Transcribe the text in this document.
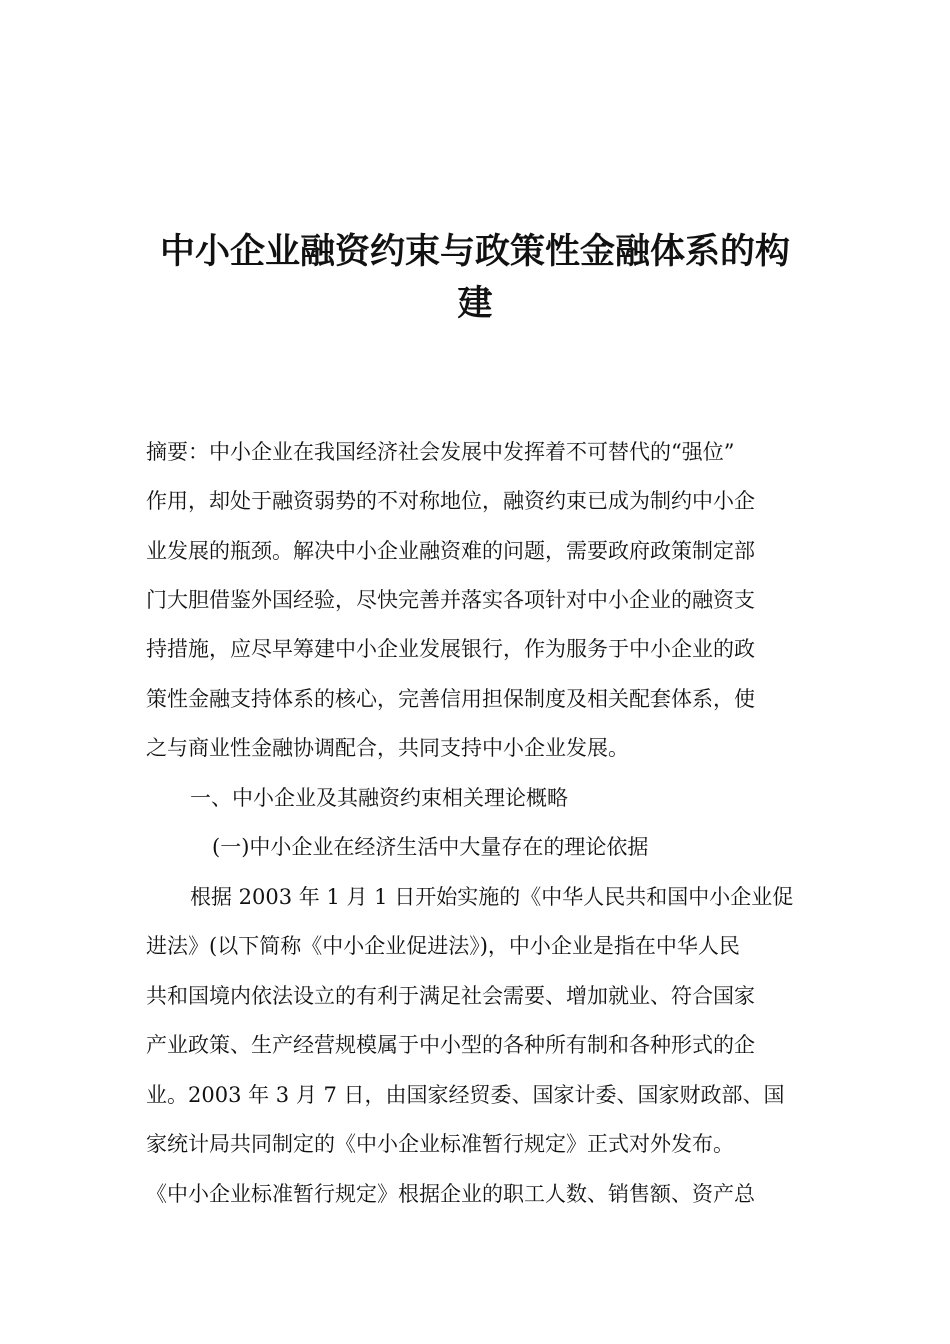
中小企业融资约束与政策性金融体系的构
建
摘要：中小企业在我国经济社会发展中发挥着不可替代的“强位”
作用，却处于融资弱势的不对称地位，融资约束已成为制约中小企
业发展的瓶颈。解决中小企业融资难的问题，需要政府政策制定部
门大胆借鉴外国经验，尽快完善并落实各项针对中小企业的融资支
持措施，应尽早筹建中小企业发展银行，作为服务于中小企业的政
策性金融支持体系的核心，完善信用担保制度及相关配套体系，使
之与商业性金融协调配合，共同支持中小企业发展。
一、中小企业及其融资约束相关理论概略
(一)中小企业在经济生活中大量存在的理论依据
根据 2003 年 1 月 1 日开始实施的《中华人民共和国中小企业促
进法》(以下简称《中小企业促进法》)，中小企业是指在中华人民
共和国境内依法设立的有利于满足社会需要、增加就业、符合国家
产业政策、生产经营规模属于中小型的各种所有制和各种形式的企
业。2003 年 3 月 7 日，由国家经贸委、国家计委、国家财政部、国
家统计局共同制定的《中小企业标准暂行规定》正式对外发布。
《中小企业标准暂行规定》根据企业的职工人数、销售额、资产总
